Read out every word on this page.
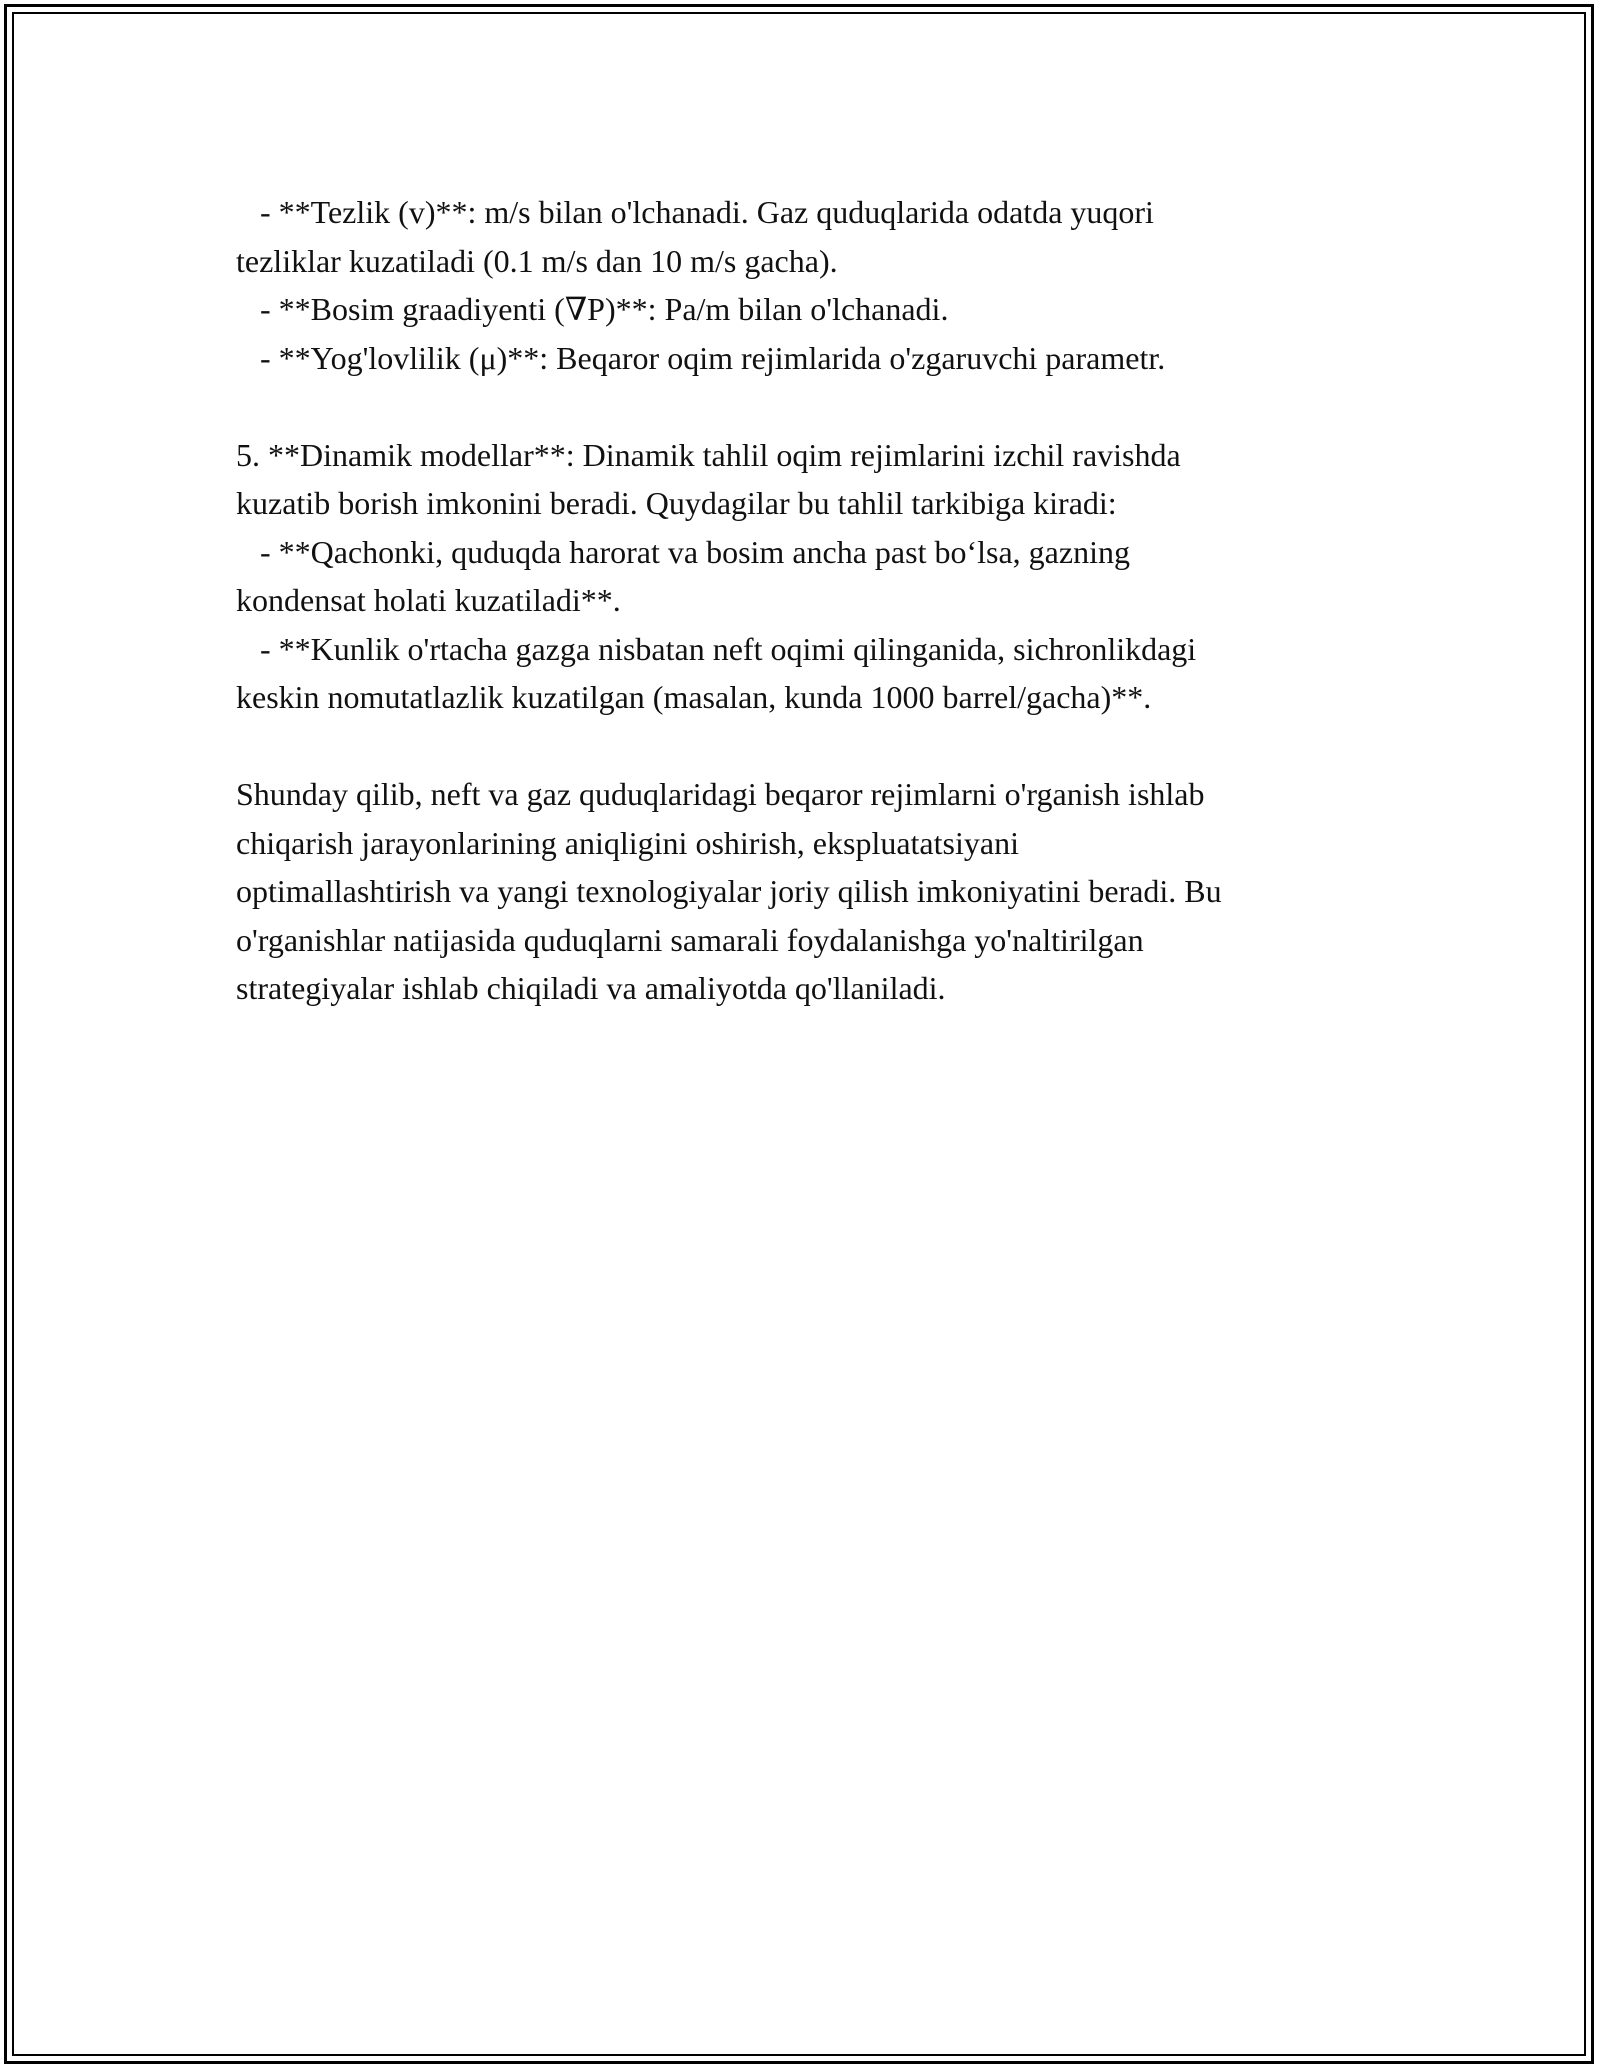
- **Tezlik (v)**: m/s bilan o'lchanadi. Gaz quduqlarida odatda yuqori

tezliklar kuzatiladi (0.1 m/s dan 10 m/s gacha).

- **Bosim graadiyenti (∇P)**: Pa/m bilan o'lchanadi.

- **Yog'lovlilik (μ)**: Beqaror oqim rejimlarida o'zgaruvchi parametr.

5. **Dinamik modellar**: Dinamik tahlil oqim rejimlarini izchil ravishda

kuzatib borish imkonini beradi. Quydagilar bu tahlil tarkibiga kiradi:

- **Qachonki, quduqda harorat va bosim ancha past bo‘lsa, gazning

kondensat holati kuzatiladi**.

- **Kunlik o'rtacha gazga nisbatan neft oqimi qilinganida, sichronlikdagi

keskin nomutatlazlik kuzatilgan (masalan, kunda 1000 barrel/gacha)**.

Shunday qilib, neft va gaz quduqlaridagi beqaror rejimlarni o'rganish ishlab

chiqarish jarayonlarining aniqligini oshirish, ekspluatatsiyani

optimallashtirish va yangi texnologiyalar joriy qilish imkoniyatini beradi. Bu

o'rganishlar natijasida quduqlarni samarali foydalanishga yo'naltirilgan

strategiyalar ishlab chiqiladi va amaliyotda qo'llaniladi.
